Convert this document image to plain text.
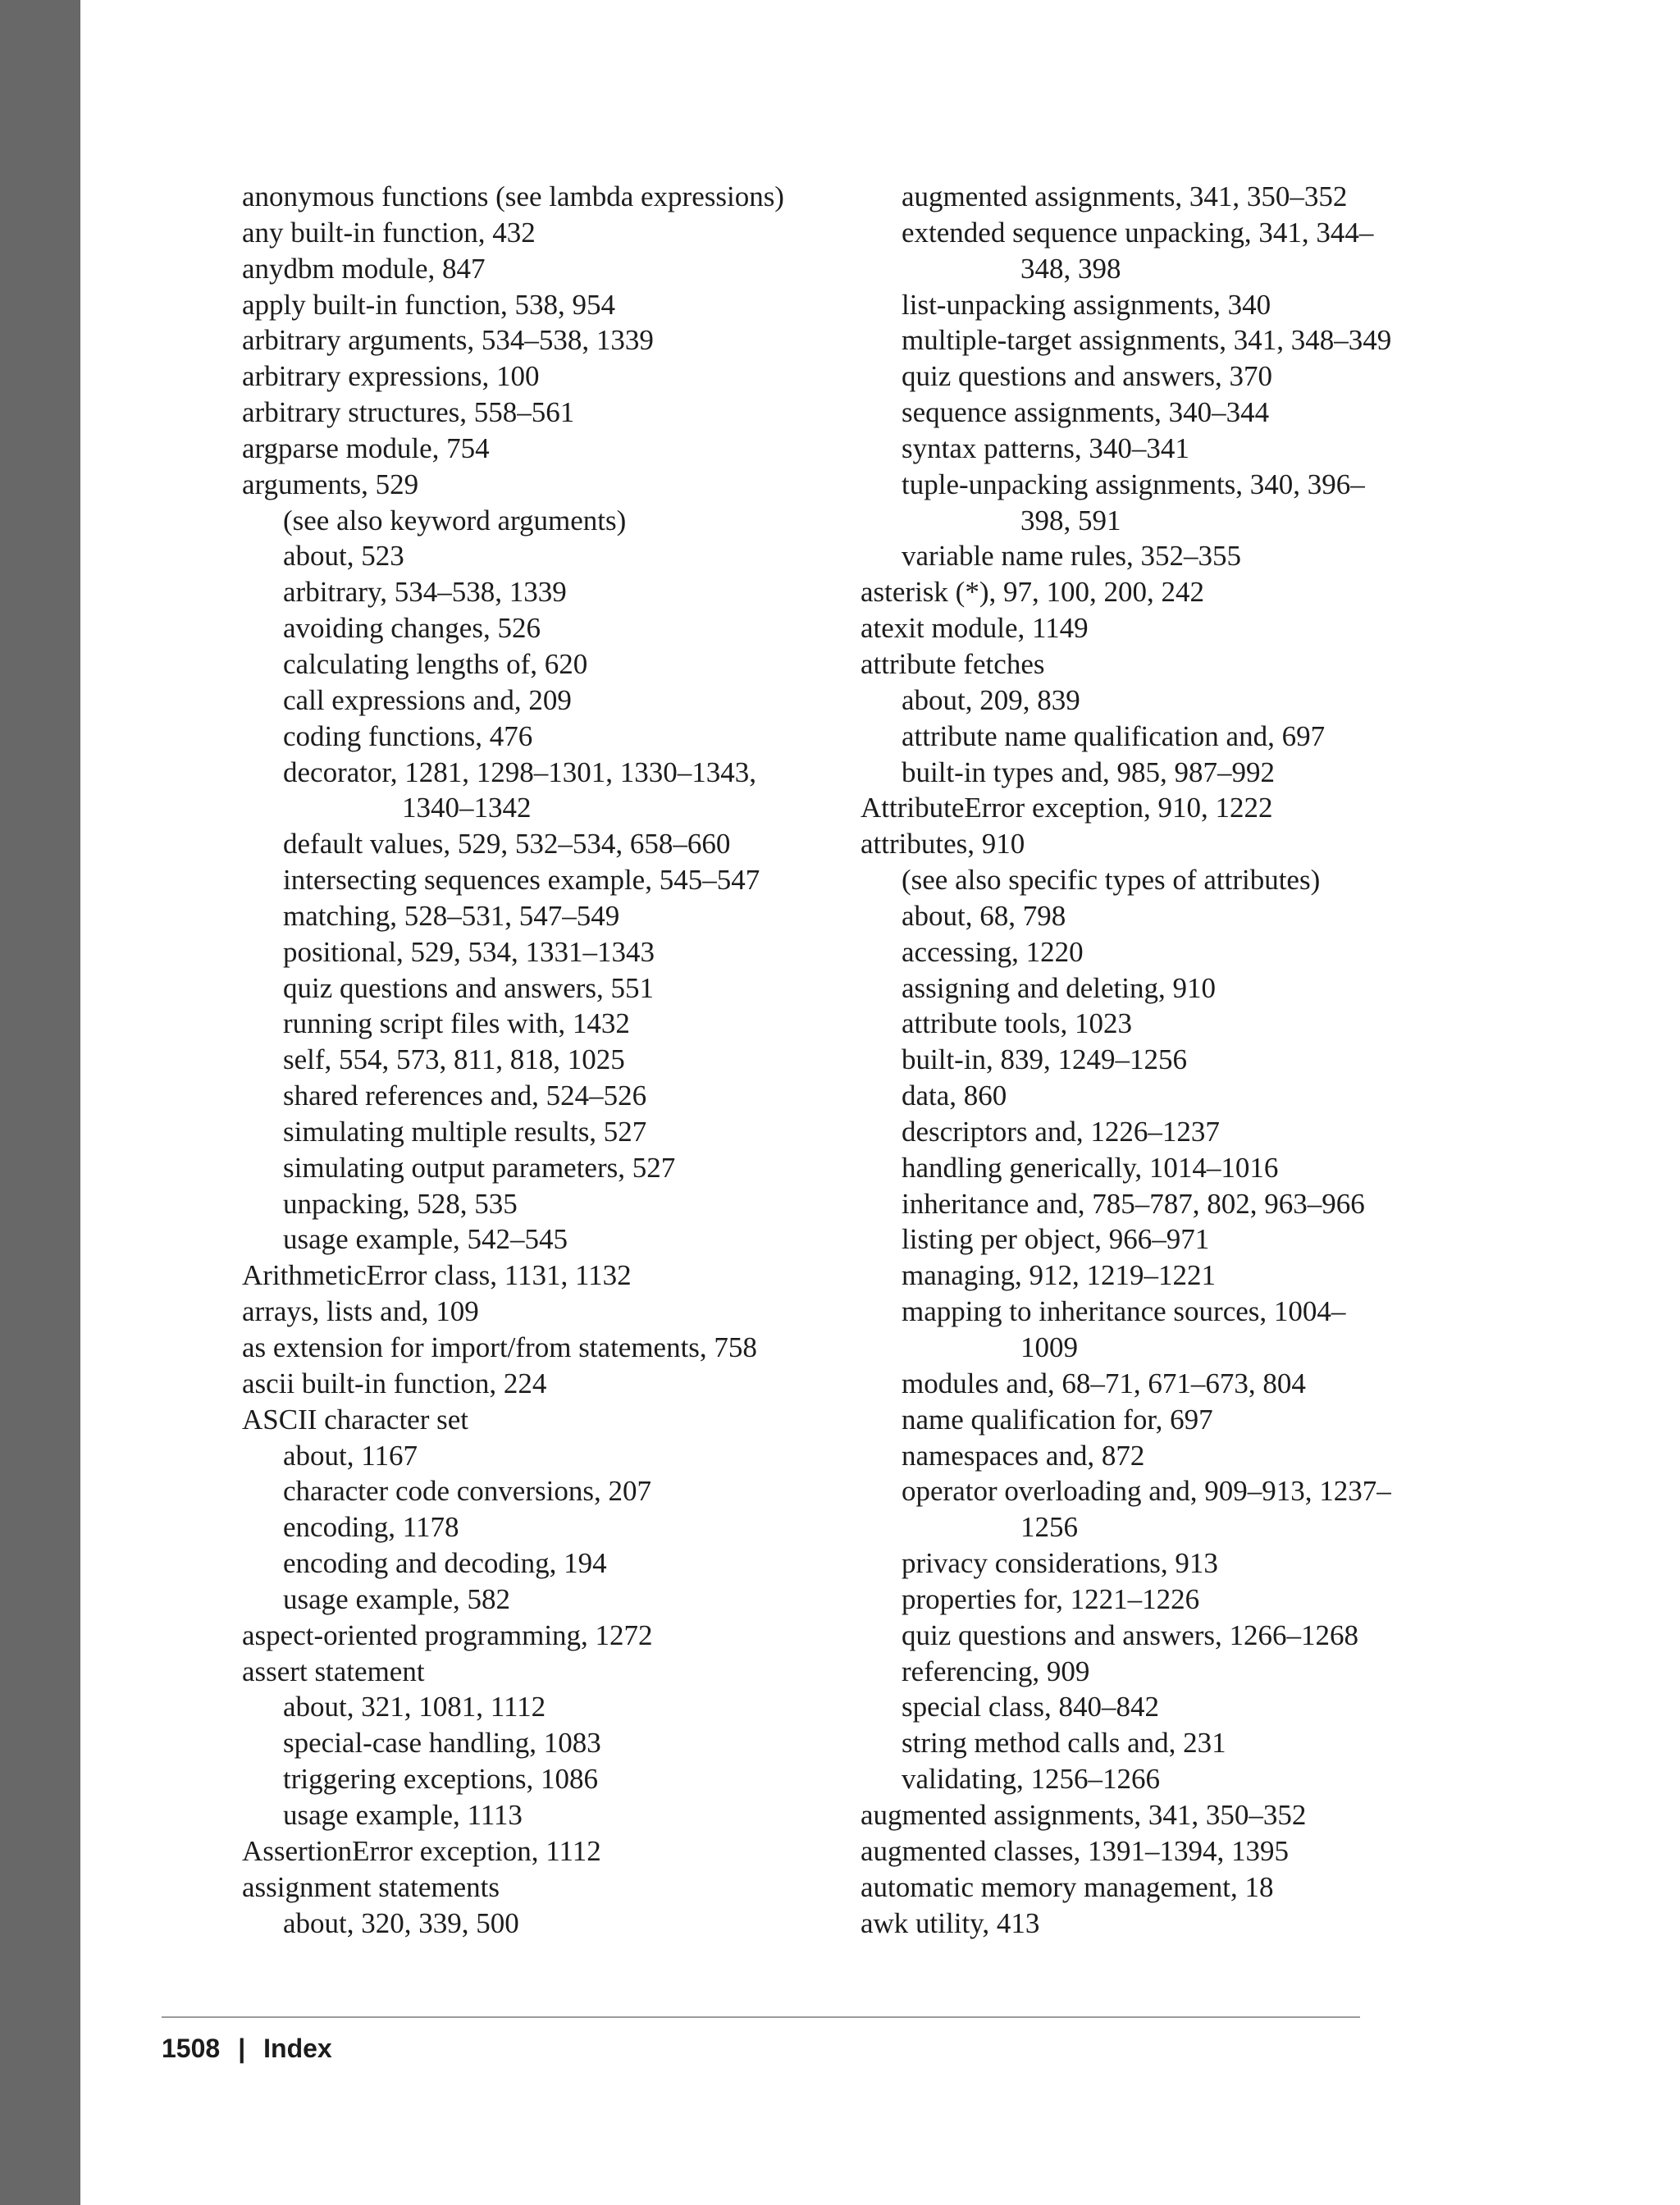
anonymous functions (see lambda expressions)
any built-in function, 432
anydbm module, 847
apply built-in function, 538, 954
arbitrary arguments, 534–538, 1339
arbitrary expressions, 100
arbitrary structures, 558–561
argparse module, 754
arguments, 529
(see also keyword arguments)
about, 523
arbitrary, 534–538, 1339
avoiding changes, 526
calculating lengths of, 620
call expressions and, 209
coding functions, 476
decorator, 1281, 1298–1301, 1330–1343,
1340–1342
default values, 529, 532–534, 658–660
intersecting sequences example, 545–547
matching, 528–531, 547–549
positional, 529, 534, 1331–1343
quiz questions and answers, 551
running script files with, 1432
self, 554, 573, 811, 818, 1025
shared references and, 524–526
simulating multiple results, 527
simulating output parameters, 527
unpacking, 528, 535
usage example, 542–545
ArithmeticError class, 1131, 1132
arrays, lists and, 109
as extension for import/from statements, 758
ascii built-in function, 224
ASCII character set
about, 1167
character code conversions, 207
encoding, 1178
encoding and decoding, 194
usage example, 582
aspect-oriented programming, 1272
assert statement
about, 321, 1081, 1112
special-case handling, 1083
triggering exceptions, 1086
usage example, 1113
AssertionError exception, 1112
assignment statements
about, 320, 339, 500
augmented assignments, 341, 350–352
extended sequence unpacking, 341, 344–
348, 398
list-unpacking assignments, 340
multiple-target assignments, 341, 348–349
quiz questions and answers, 370
sequence assignments, 340–344
syntax patterns, 340–341
tuple-unpacking assignments, 340, 396–
398, 591
variable name rules, 352–355
asterisk (*), 97, 100, 200, 242
atexit module, 1149
attribute fetches
about, 209, 839
attribute name qualification and, 697
built-in types and, 985, 987–992
AttributeError exception, 910, 1222
attributes, 910
(see also specific types of attributes)
about, 68, 798
accessing, 1220
assigning and deleting, 910
attribute tools, 1023
built-in, 839, 1249–1256
data, 860
descriptors and, 1226–1237
handling generically, 1014–1016
inheritance and, 785–787, 802, 963–966
listing per object, 966–971
managing, 912, 1219–1221
mapping to inheritance sources, 1004–
1009
modules and, 68–71, 671–673, 804
name qualification for, 697
namespaces and, 872
operator overloading and, 909–913, 1237–
1256
privacy considerations, 913
properties for, 1221–1226
quiz questions and answers, 1266–1268
referencing, 909
special class, 840–842
string method calls and, 231
validating, 1256–1266
augmented assignments, 341, 350–352
augmented classes, 1391–1394, 1395
automatic memory management, 18
awk utility, 413
1508 | Index
